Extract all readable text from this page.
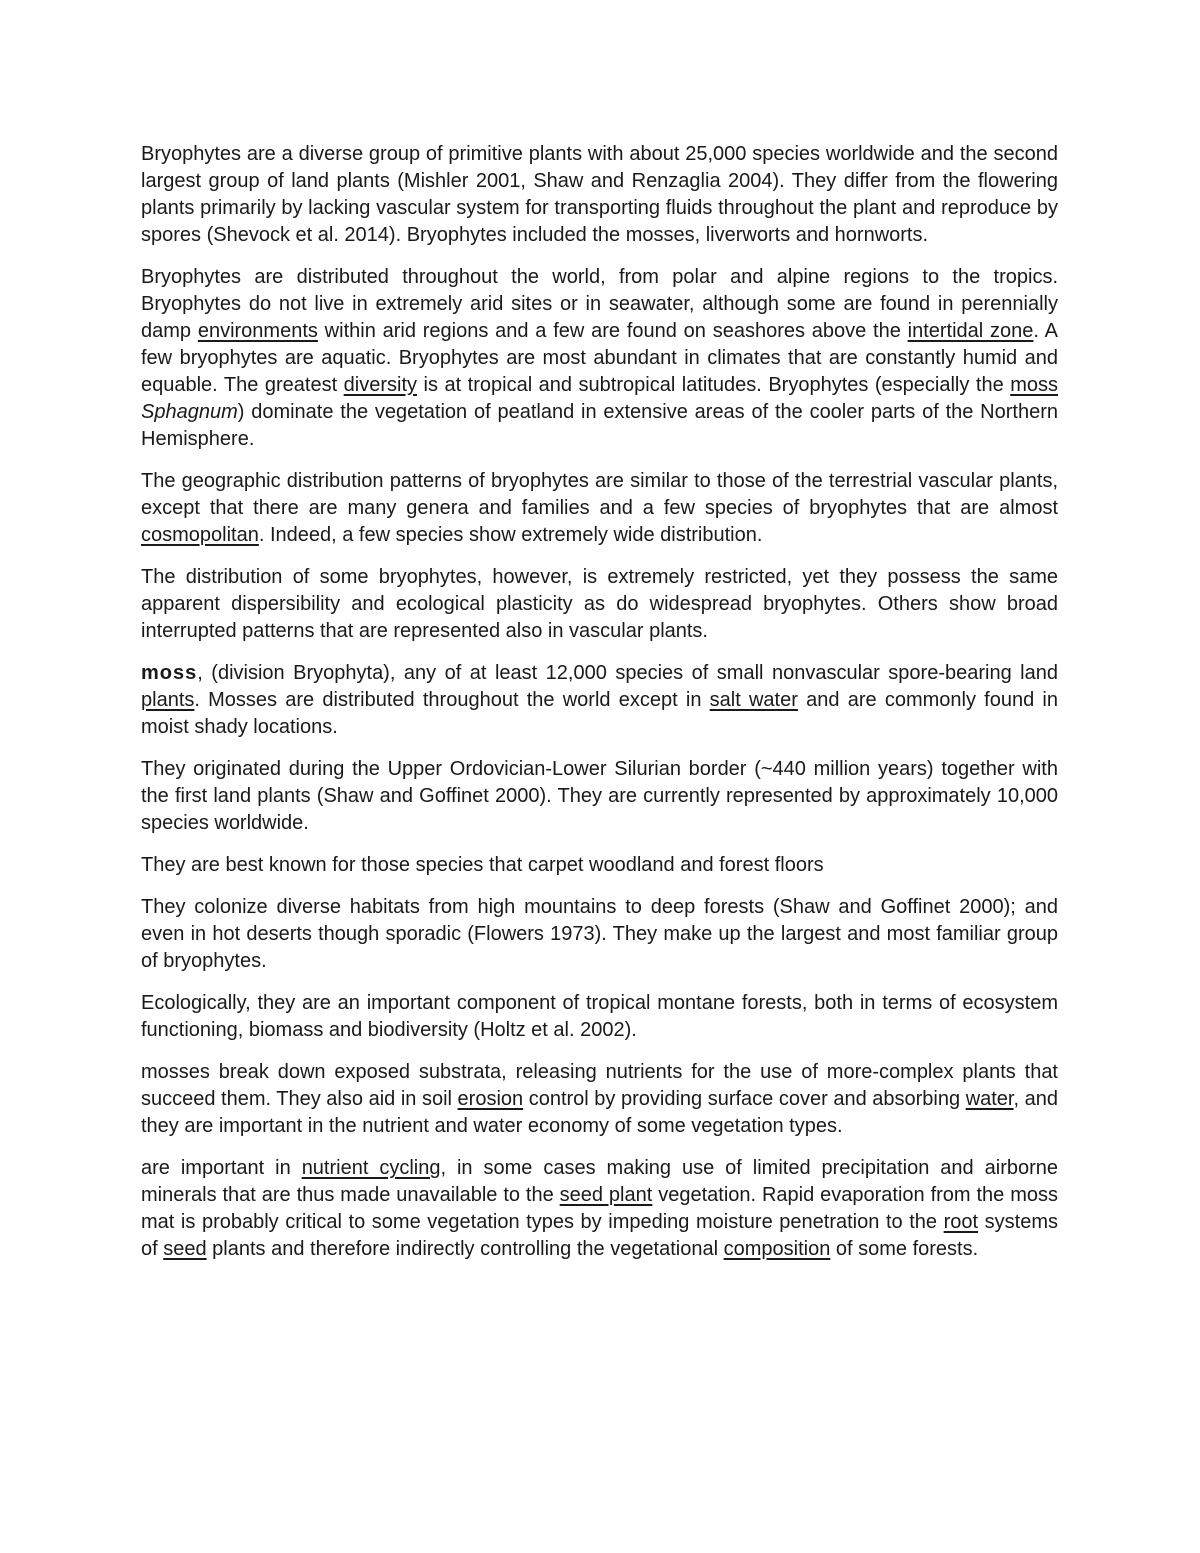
Bryophytes are a diverse group of primitive plants with about 25,000 species worldwide and the second largest group of land plants (Mishler 2001, Shaw and Renzaglia 2004). They differ from the flowering plants primarily by lacking vascular system for transporting fluids throughout the plant and reproduce by spores (Shevock et al. 2014). Bryophytes included the mosses, liverworts and hornworts.

Bryophytes are distributed throughout the world, from polar and alpine regions to the tropics. Bryophytes do not live in extremely arid sites or in seawater, although some are found in perennially damp environments within arid regions and a few are found on seashores above the intertidal zone. A few bryophytes are aquatic. Bryophytes are most abundant in climates that are constantly humid and equable. The greatest diversity is at tropical and subtropical latitudes. Bryophytes (especially the moss Sphagnum) dominate the vegetation of peatland in extensive areas of the cooler parts of the Northern Hemisphere.

The geographic distribution patterns of bryophytes are similar to those of the terrestrial vascular plants, except that there are many genera and families and a few species of bryophytes that are almost cosmopolitan. Indeed, a few species show extremely wide distribution.

The distribution of some bryophytes, however, is extremely restricted, yet they possess the same apparent dispersibility and ecological plasticity as do widespread bryophytes. Others show broad interrupted patterns that are represented also in vascular plants.

moss, (division Bryophyta), any of at least 12,000 species of small nonvascular spore-bearing land plants. Mosses are distributed throughout the world except in salt water and are commonly found in moist shady locations.

They originated during the Upper Ordovician-Lower Silurian border (~440 million years) together with the first land plants (Shaw and Goffinet 2000). They are currently represented by approximately 10,000 species worldwide.

They are best known for those species that carpet woodland and forest floors

They colonize diverse habitats from high mountains to deep forests (Shaw and Goffinet 2000); and even in hot deserts though sporadic (Flowers 1973). They make up the largest and most familiar group of bryophytes.

Ecologically, they are an important component of tropical montane forests, both in terms of ecosystem functioning, biomass and biodiversity (Holtz et al. 2002).

mosses break down exposed substrata, releasing nutrients for the use of more-complex plants that succeed them. They also aid in soil erosion control by providing surface cover and absorbing water, and they are important in the nutrient and water economy of some vegetation types.

are important in nutrient cycling, in some cases making use of limited precipitation and airborne minerals that are thus made unavailable to the seed plant vegetation. Rapid evaporation from the moss mat is probably critical to some vegetation types by impeding moisture penetration to the root systems of seed plants and therefore indirectly controlling the vegetational composition of some forests.
